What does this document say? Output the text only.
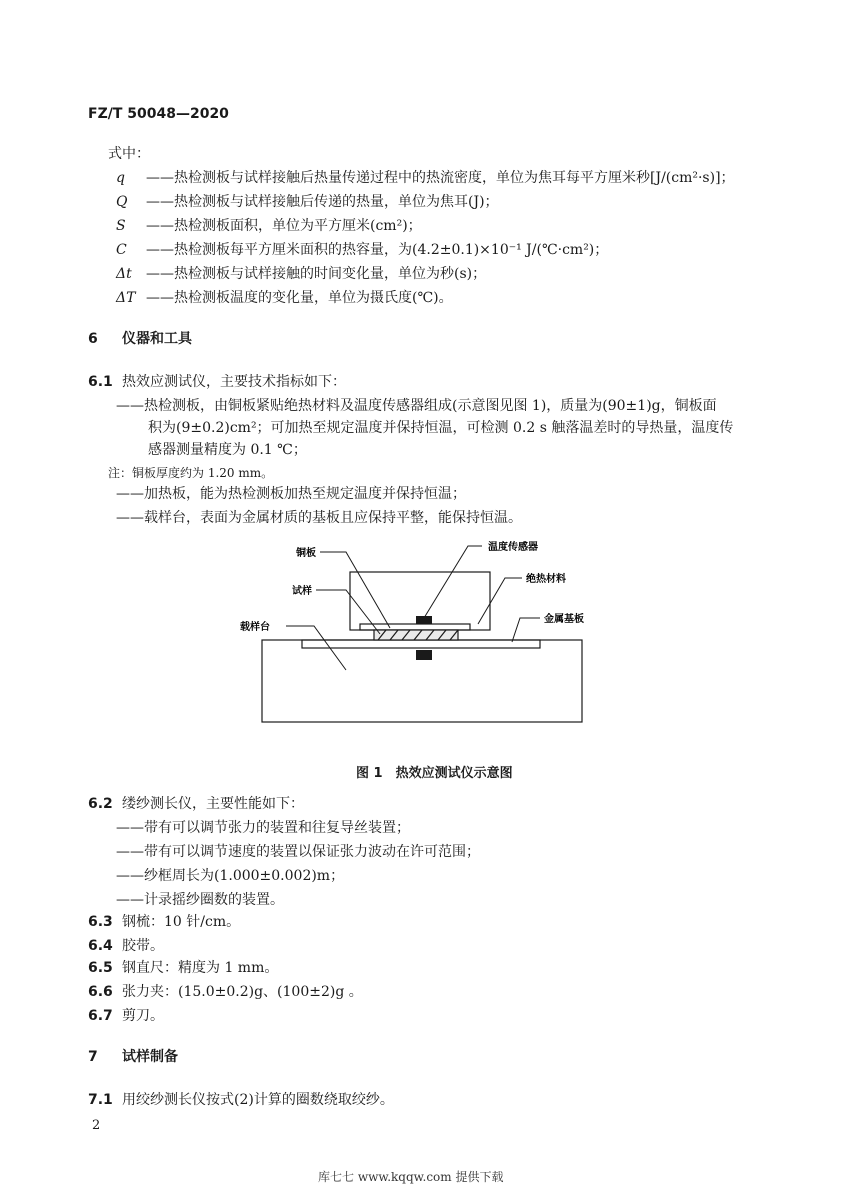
FZ/T 50048—2020
式中：
q ——热检测板与试样接触后热量传递过程中的热流密度，单位为焦耳每平方厘米秒[J/(cm²·s)]；
Q ——热检测板与试样接触后传递的热量，单位为焦耳(J)；
S ——热检测板面积，单位为平方厘米(cm²)；
C ——热检测板每平方厘米面积的热容量，为(4.2±0.1)×10⁻¹ J/(℃·cm²)；
Δt ——热检测板与试样接触的时间变化量，单位为秒(s)；
ΔT ——热检测板温度的变化量，单位为摄氏度(℃)。
6 仪器和工具
6.1 热效应测试仪，主要技术指标如下：
——热检测板，由铜板紧贴绝热材料及温度传感器组成(示意图见图 1)，质量为(90±1)g，铜板面
积为(9±0.2)cm²；可加热至规定温度并保持恒温，可检测 0.2 s 触落温差时的导热量，温度传
感器测量精度为 0.1 ℃；
注：铜板厚度约为 1.20 mm。
——加热板，能为热检测板加热至规定温度并保持恒温；
——载样台，表面为金属材质的基板且应保持平整，能保持恒温。
铜板
温度传感器
绝热材料
试样
金属基板
载样台
图 1　热效应测试仪示意图
6.2 缕纱测长仪，主要性能如下：
——带有可以调节张力的装置和往复导丝装置；
——带有可以调节速度的装置以保证张力波动在许可范围；
——纱框周长为(1.000±0.002)m；
——计录摇纱圈数的装置。
6.3 钢梳：10 针/cm。
6.4 胶带。
6.5 钢直尺：精度为 1 mm。
6.6 张力夹：(15.0±0.2)g、(100±2)g 。
6.7 剪刀。
7 试样制备
7.1 用绞纱测长仪按式(2)计算的圈数绕取绞纱。
2
库七七 www.kqqw.com 提供下载
